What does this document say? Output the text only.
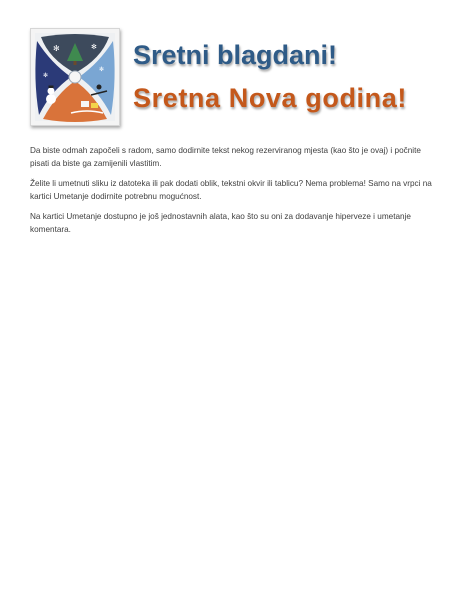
✻	✻
✻
✻
Sretni blagdani!
Sretna Nova godina!

Da biste odmah započeli s radom, samo dodirnite tekst nekog rezerviranog mjesta (kao što je ovaj) i počnite pisati da biste ga zamijenili vlastitim.

Želite li umetnuti sliku iz datoteka ili pak dodati oblik, tekstni okvir ili tablicu? Nema problema! Samo na vrpci na kartici Umetanje dodirnite potrebnu mogućnost.

Na kartici Umetanje dostupno je još jednostavnih alata, kao što su oni za dodavanje hiperveze i umetanje komentara.
